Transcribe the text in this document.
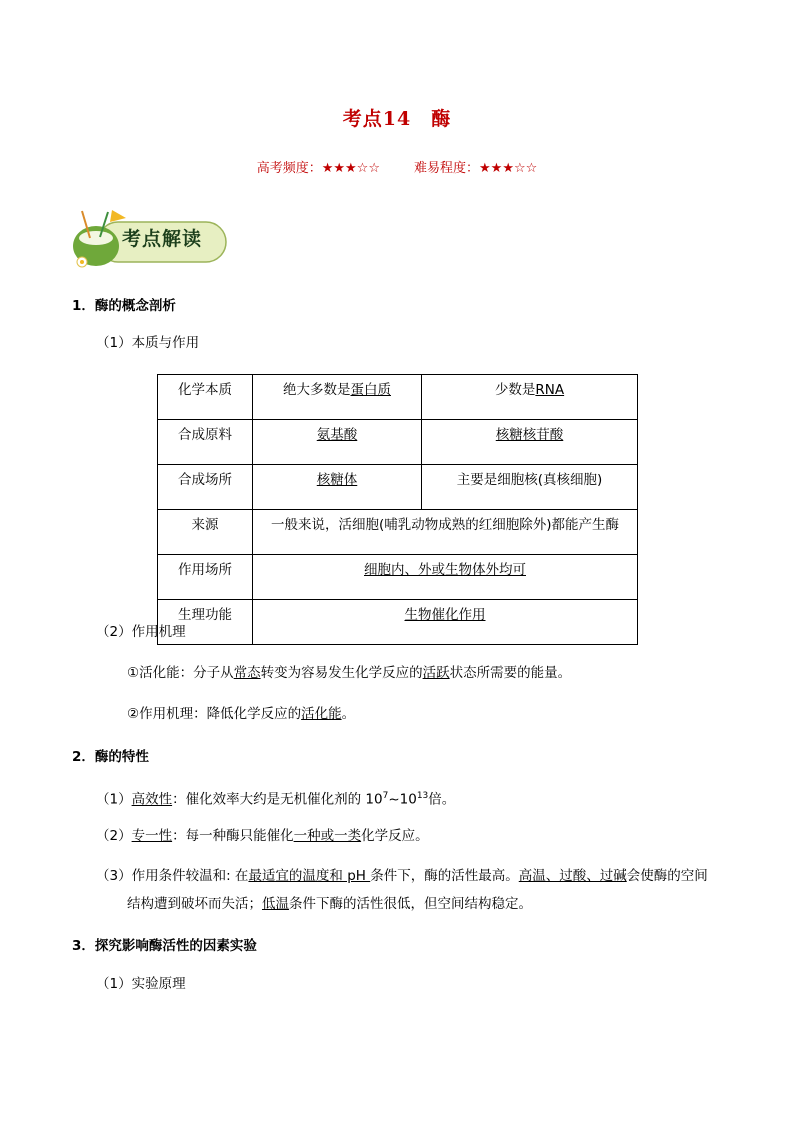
考点14　酶
高考频度：★★★☆☆	难易程度：★★★☆☆
考点解读
1．酶的概念剖析
（1）本质与作用
化学本质	绝大多数是蛋白质	少数是RNA
合成原料	氨基酸	核糖核苷酸
合成场所	核糖体	主要是细胞核(真核细胞)
来源	一般来说，活细胞(哺乳动物成熟的红细胞除外)都能产生酶	
作用场所	细胞内、外或生物体外均可	
生理功能	生物催化作用	
（2）作用机理
①活化能：分子从常态转变为容易发生化学反应的活跃状态所需要的能量。
②作用机理：降低化学反应的活化能。
2．酶的特性
（1）高效性：催化效率大约是无机催化剂的 $10^7\sim 10^{13}$倍。
（2）专一性：每一种酶只能催化一种或一类化学反应。
（3）作用条件较温和: 在最适宜的温度和 pH 条件下，酶的活性最高。高温、过酸、过碱会使酶的空间
结构遭到破坏而失活；低温条件下酶的活性很低，但空间结构稳定。
3．探究影响酶活性的因素实验
（1）实验原理
